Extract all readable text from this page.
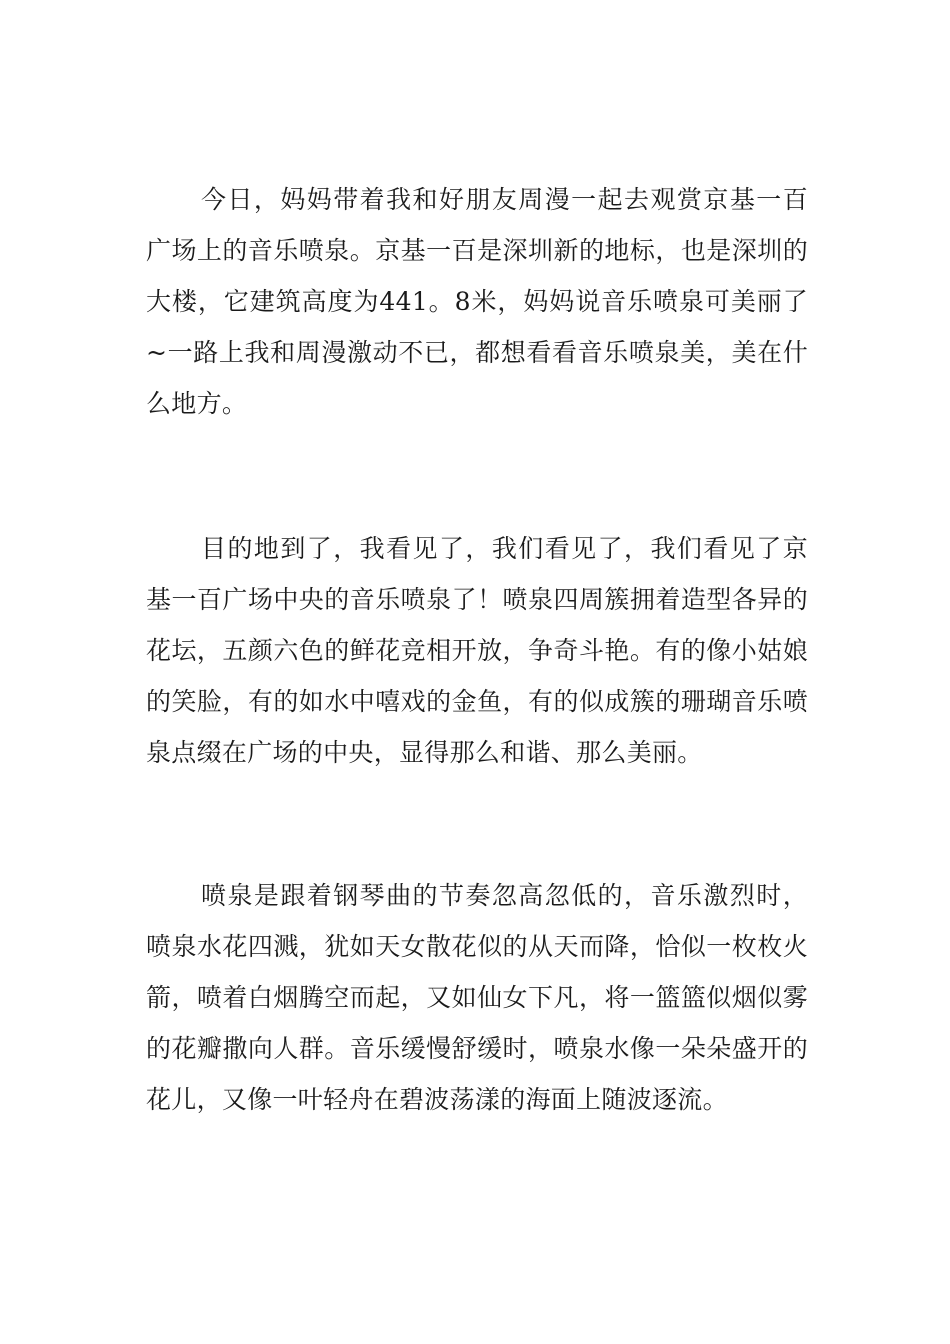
今日，妈妈带着我和好朋友周漫一起去观赏京基一百广场上的音乐喷泉。京基一百是深圳新的地标，也是深圳的大楼，它建筑高度为441。8米，妈妈说音乐喷泉可美丽了~一路上我和周漫激动不已，都想看看音乐喷泉美，美在什么地方。

目的地到了，我看见了，我们看见了，我们看见了京基一百广场中央的音乐喷泉了！喷泉四周簇拥着造型各异的花坛，五颜六色的鲜花竞相开放，争奇斗艳。有的像小姑娘的笑脸，有的如水中嘻戏的金鱼，有的似成簇的珊瑚音乐喷泉点缀在广场的中央，显得那么和谐、那么美丽。

喷泉是跟着钢琴曲的节奏忽高忽低的，音乐激烈时，喷泉水花四溅，犹如天女散花似的从天而降，恰似一枚枚火箭，喷着白烟腾空而起，又如仙女下凡，将一篮篮似烟似雾的花瓣撒向人群。音乐缓慢舒缓时，喷泉水像一朵朵盛开的花儿，又像一叶轻舟在碧波荡漾的海面上随波逐流。
